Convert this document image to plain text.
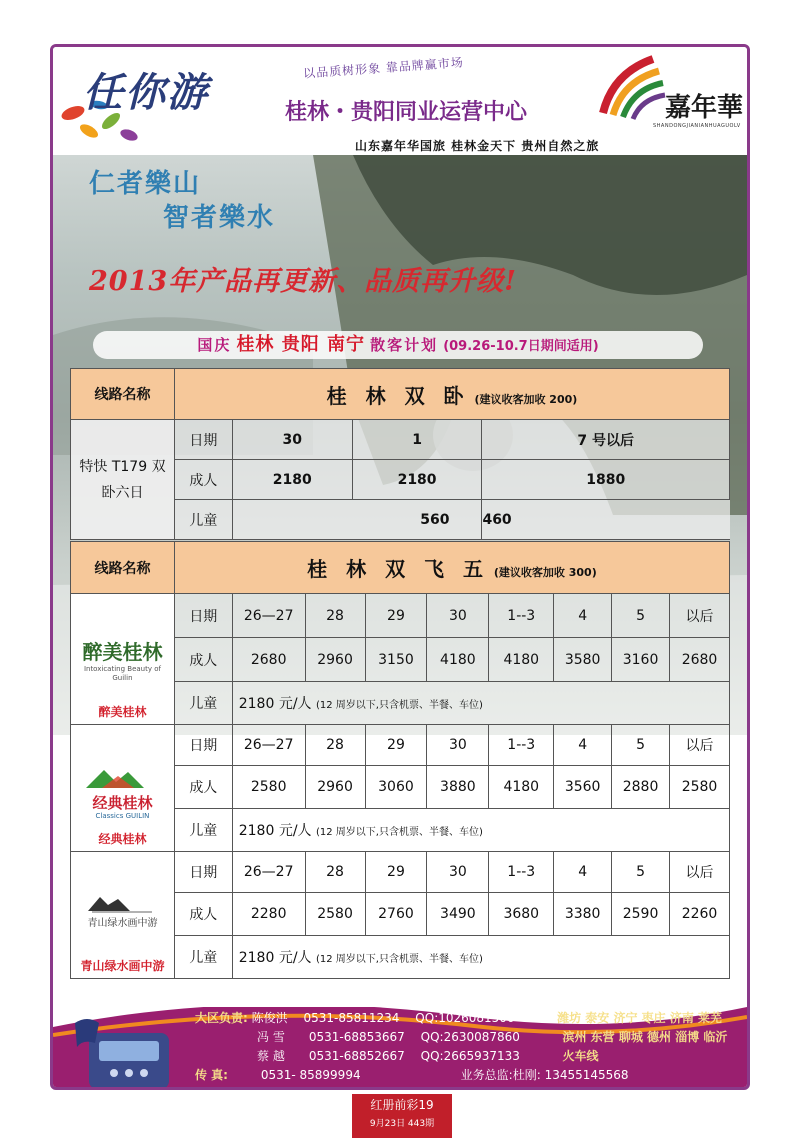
任你游
以品质树形象 靠品牌赢市场
桂林・贵阳同业运营中心	嘉年華
SHANDONGJIANIANHUAGUOLV
山东嘉年华国旅 桂林金天下 贵州自然之旅
仁者樂山
智者樂水
2013年产品再更新、品质再升级!
国庆 桂林 贵阳 南宁 散客计划 (09.26-10.7日期间适用)
线路名称	桂 林 双 卧 (建议收客加收 200)			
特快 T179 双卧六日	日期	30	1	7 号以后
	成人	2180	2180	1880
	儿童	560		460
线路名称	桂 林 双 飞 五 (建议收客加收 300)								

醉美桂林
Intoxicating Beauty of Guilin
醉美桂林	日期	26—27	28	29	30	1--3	4	5	以后
	成人	2680	2960	3150	4180	4180	3580	3160	2680
	儿童	2180 元/人 (12 周岁以下,只含机票、半餐、车位)							

经典桂林
Classics GUILIN
经典桂林	日期	26—27	28	29	30	1--3	4	5	以后
	成人	2580	2960	3060	3880	4180	3560	2880	2580
	儿童	2180 元/人 (12 周岁以下,只含机票、半餐、车位)							

青山绿水画中游
青山绿水画中游	日期	26—27	28	29	30	1--3	4	5	以后
	成人	2280	2580	2760	3490	3680	3380	2590	2260
	儿童	2180 元/人 (12 周岁以下,只含机票、半餐、车位)							
大区负责: 陈俊洪 0531-85811234 QQ:1026081500	潍坊 泰安 济宁 枣庄 济南 莱芜
冯 雪 0531-68853667 QQ:2630087860	滨州 东营 聊城 德州 淄博 临沂
蔡 越 0531-68852667 QQ:2665937133	火车线
传 真:	0531- 85899994	业务总监:杜刚: 13455145568
红册前彩19
9月23日 443期
